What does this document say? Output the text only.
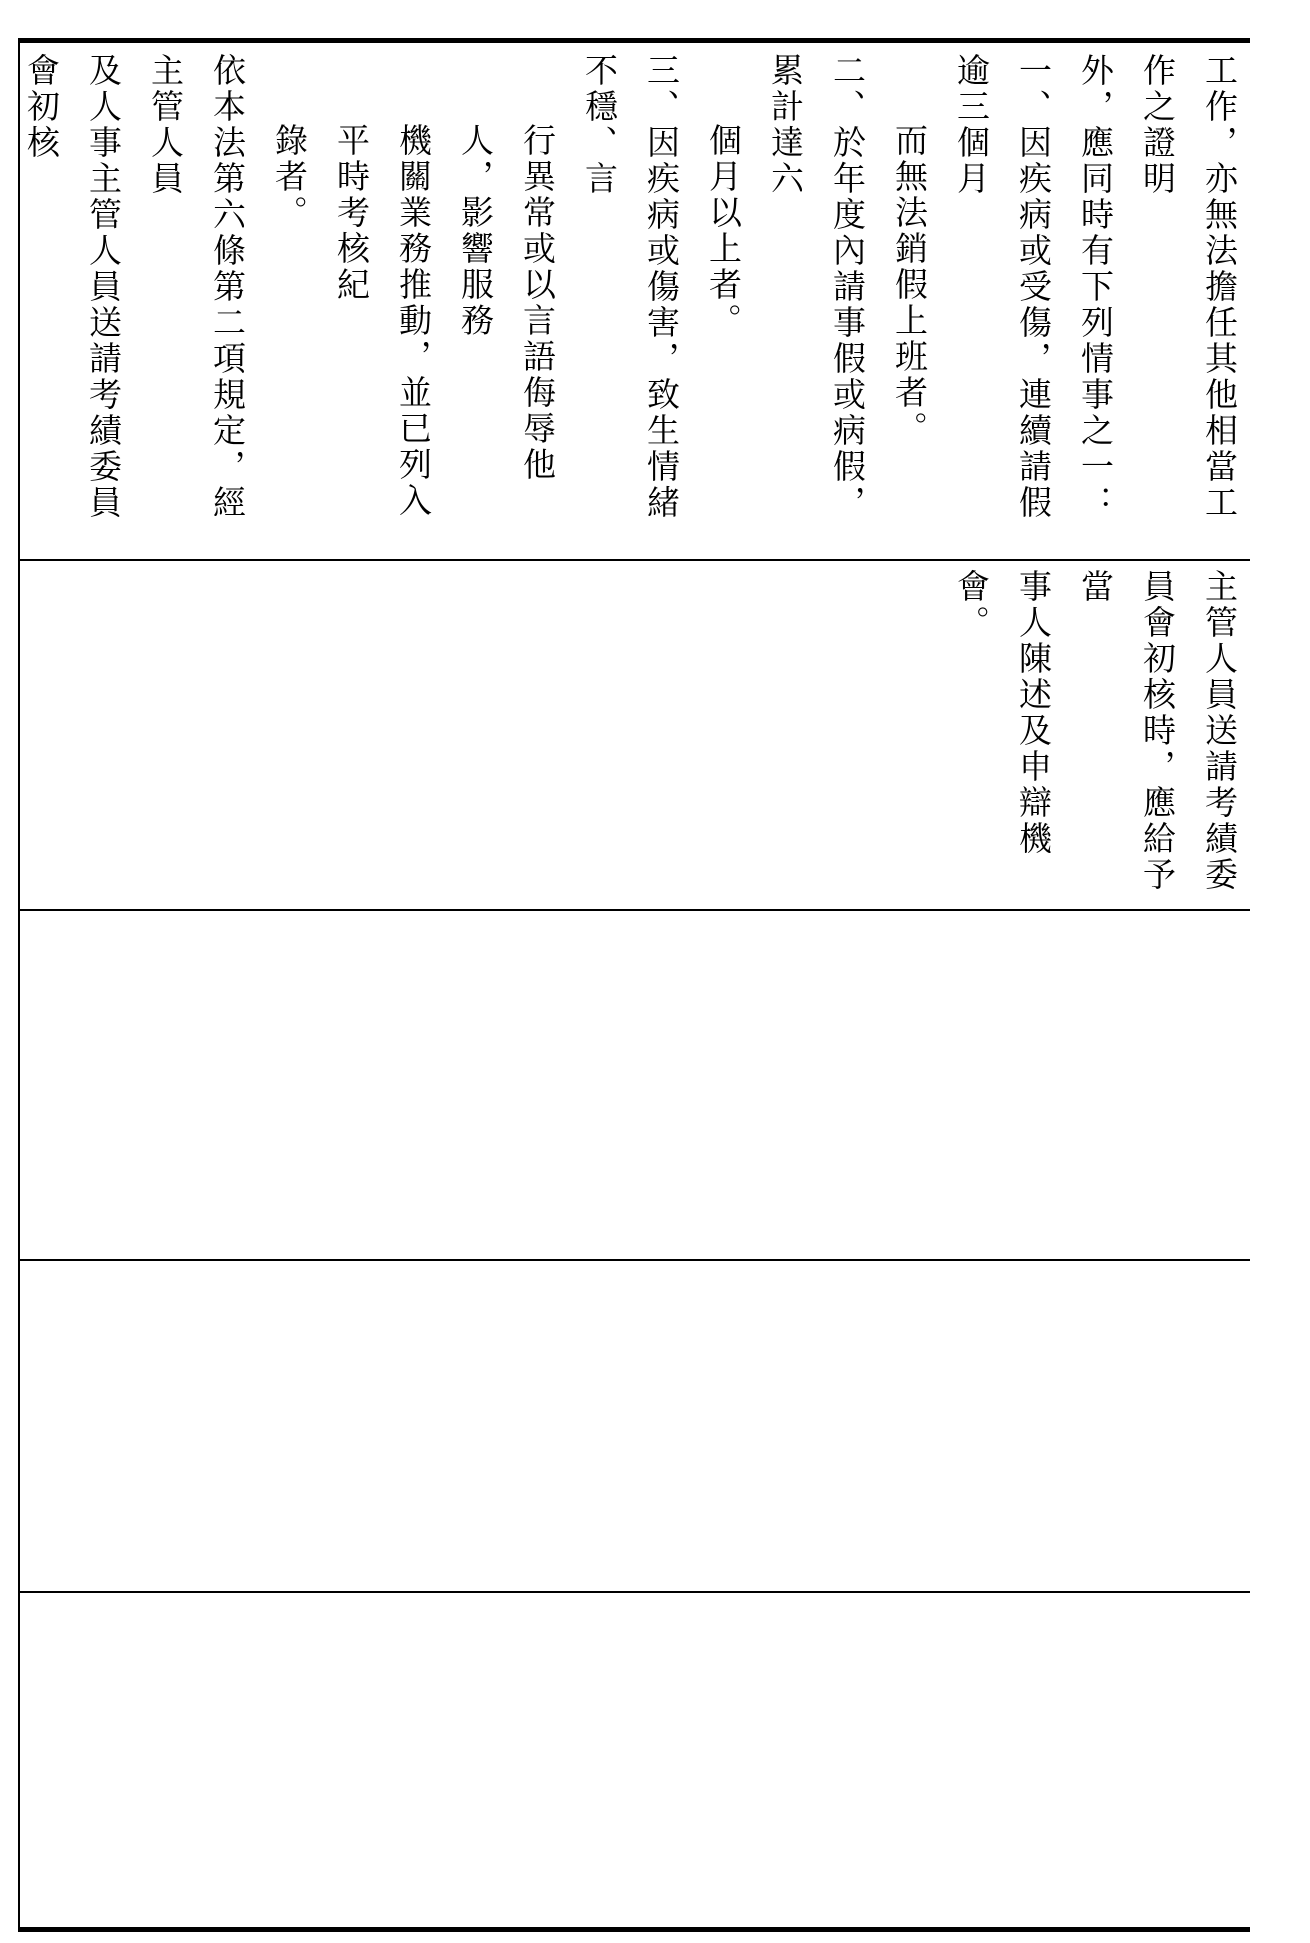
工作，亦無法擔任其他相當工作之證明

外，應同時有下列情事之一：

一、因疾病或受傷，連續請假逾三個月

而無法銷假上班者。

二、於年度內請事假或病假，累計達六

個月以上者。

三、因疾病或傷害，致生情緒不穩、言

行異常或以言語侮辱他人，影響服務

機關業務推動，並已列入平時考核紀

錄者。

依本法第六條第二項規定，經主管人員

及人事主管人員送請考績委員會初核

主管人員送請考績委

員會初核時，應給予當

事人陳述及申辯機會。
